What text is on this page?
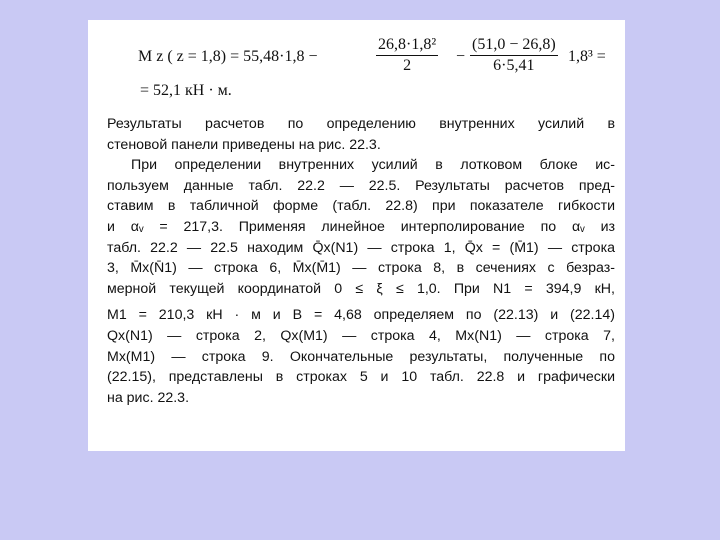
M z ( z = 1,8) = 55,48·1,8 −	$\frac{\text{26,8·1,8²}}{2} - \frac{(51,0 - 26,8)}{6\cdot 5,41} 1,8^3$ =
= 52,1 кН · м.
Результаты расчетов по определению внутренних усилий в
стеновой панели приведены на рис. 22.3.
При определении внутренних усилий в лотковом блоке ис-
пользуем данные табл. 22.2 — 22.5. Результаты расчетов пред-
ставим в табличной форме (табл. 22.8) при показателе гибкости
и αᵥ = 217,3. Применяя линейное интерполирование по αᵥ из
табл. 22.2 — 22.5 находим Q̄x(N1) — строка 1, Q̄x = (M̄1) — строка
3, M̄x(N̄1) — строка 6, M̄x(M̄1) — строка 8, в сечениях с безраз-
мерной текущей координатой 0 ≤ ξ ≤ 1,0. При N1 = 394,9 кН,
M1 = 210,3 кН · м и B = 4,68 определяем по (22.13) и (22.14)
Qx(N1) — строка 2, Qx(M1) — строка 4, Mx(N1) — строка 7,
Mx(M1) — строка 9. Окончательные результаты, полученные по
(22.15), представлены в строках 5 и 10 табл. 22.8 и графически
на рис. 22.3.
